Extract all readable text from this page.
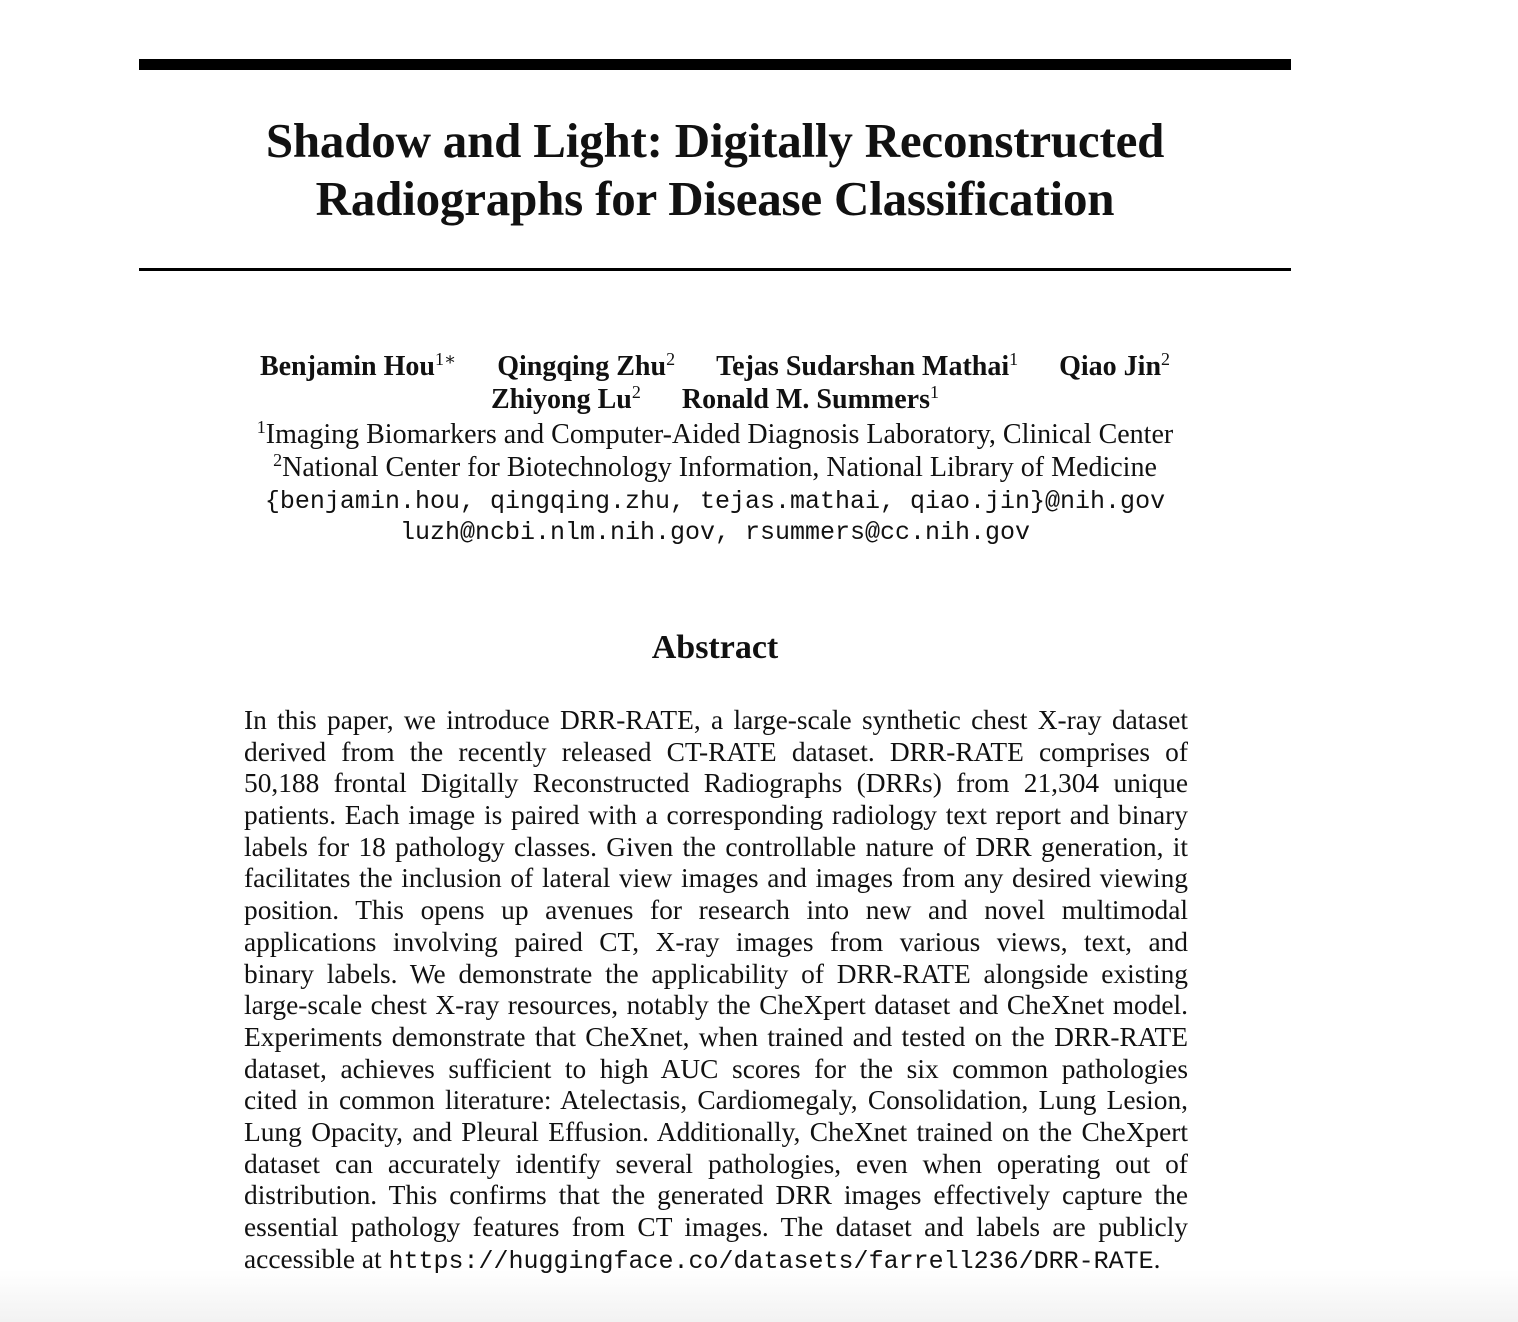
Shadow and Light: Digitally Reconstructed
Radiographs for Disease Classification
Benjamin Hou$^{1∗}$ Qingqing Zhu$^2$ Tejas Sudarshan Mathai$^1$ Qiao Jin$^2$
Zhiyong Lu$^2$ Ronald M. Summers$^1$
$^1$Imaging Biomarkers and Computer-Aided Diagnosis Laboratory, Clinical Center
$^2$National Center for Biotechnology Information, National Library of Medicine
{benjamin.hou, qingqing.zhu, tejas.mathai, qiao.jin}@nih.gov
luzh@ncbi.nlm.nih.gov, rsummers@cc.nih.gov
Abstract
In this paper, we introduce DRR-RATE, a large-scale synthetic chest X-ray dataset
derived from the recently released CT-RATE dataset. DRR-RATE comprises of
50,188 frontal Digitally Reconstructed Radiographs (DRRs) from 21,304 unique
patients. Each image is paired with a corresponding radiology text report and binary
labels for 18 pathology classes. Given the controllable nature of DRR generation, it
facilitates the inclusion of lateral view images and images from any desired viewing
position. This opens up avenues for research into new and novel multimodal
applications involving paired CT, X-ray images from various views, text, and
binary labels. We demonstrate the applicability of DRR-RATE alongside existing
large-scale chest X-ray resources, notably the CheXpert dataset and CheXnet model.
Experiments demonstrate that CheXnet, when trained and tested on the DRR-RATE
dataset, achieves sufficient to high AUC scores for the six common pathologies
cited in common literature: Atelectasis, Cardiomegaly, Consolidation, Lung Lesion,
Lung Opacity, and Pleural Effusion. Additionally, CheXnet trained on the CheXpert
dataset can accurately identify several pathologies, even when operating out of
distribution. This confirms that the generated DRR images effectively capture the
essential pathology features from CT images. The dataset and labels are publicly
accessible at https://huggingface.co/datasets/farrell236/DRR-RATE.
